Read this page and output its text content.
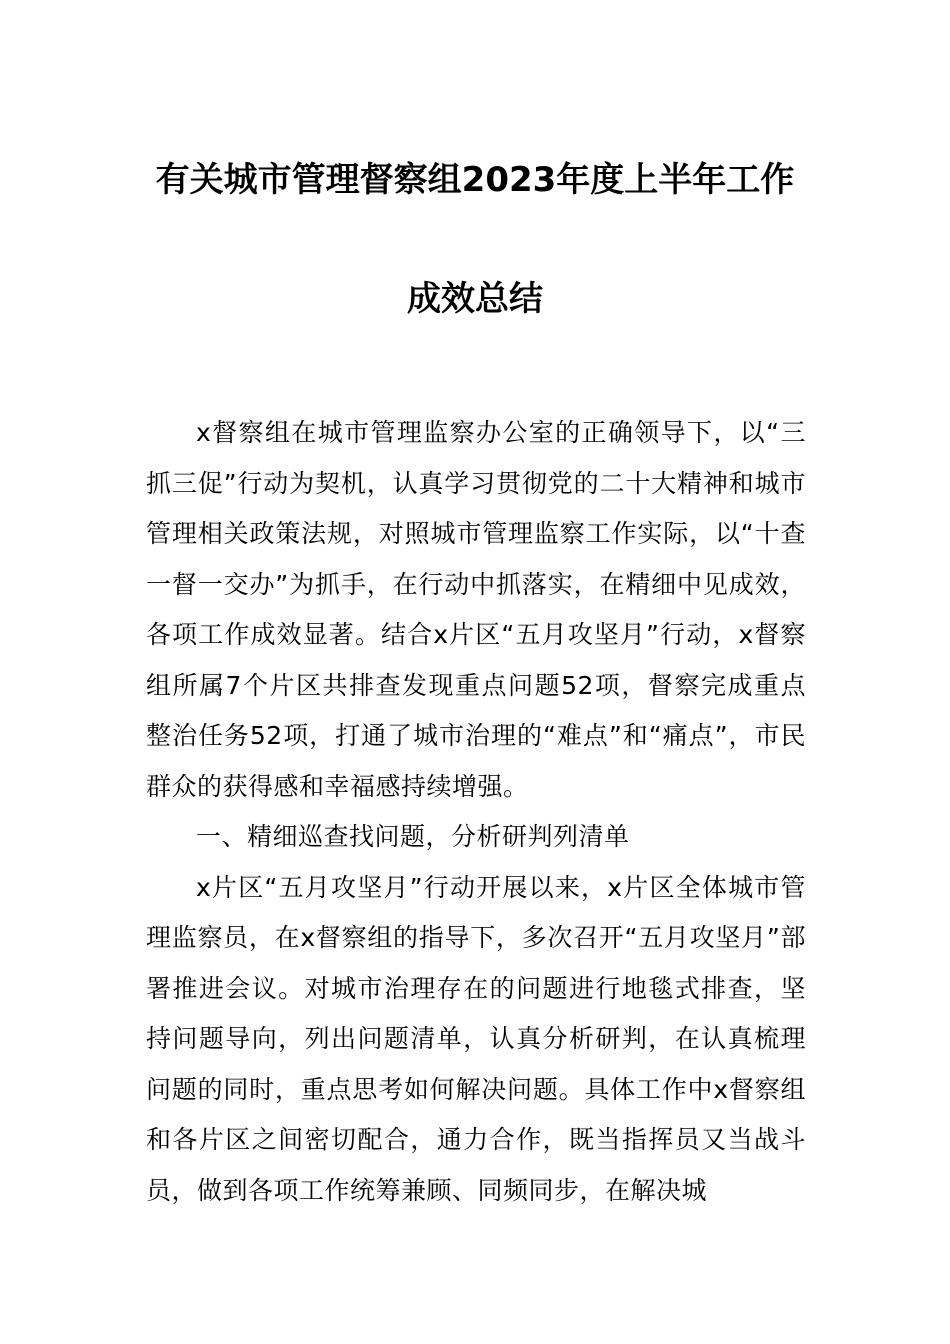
有关城市管理督察组2023年度上半年工作
成效总结

x督察组在城市管理监察办公室的正确领导下，以“三抓三促”行动为契机，认真学习贯彻党的二十大精神和城市管理相关政策法规，对照城市管理监察工作实际，以“十查一督一交办”为抓手，在行动中抓落实，在精细中见成效，各项工作成效显著。结合x片区“五月攻坚月”行动，x督察组所属7个片区共排查发现重点问题52项，督察完成重点整治任务52项，打通了城市治理的“难点”和“痛点”，市民群众的获得感和幸福感持续增强。

一、精细巡查找问题，分析研判列清单

x片区“五月攻坚月”行动开展以来，x片区全体城市管理监察员，在x督察组的指导下，多次召开“五月攻坚月”部署推进会议。对城市治理存在的问题进行地毯式排查，坚持问题导向，列出问题清单，认真分析研判，在认真梳理问题的同时，重点思考如何解决问题。具体工作中x督察组和各片区之间密切配合，通力合作，既当指挥员又当战斗员，做到各项工作统筹兼顾、同频同步，在解决城
